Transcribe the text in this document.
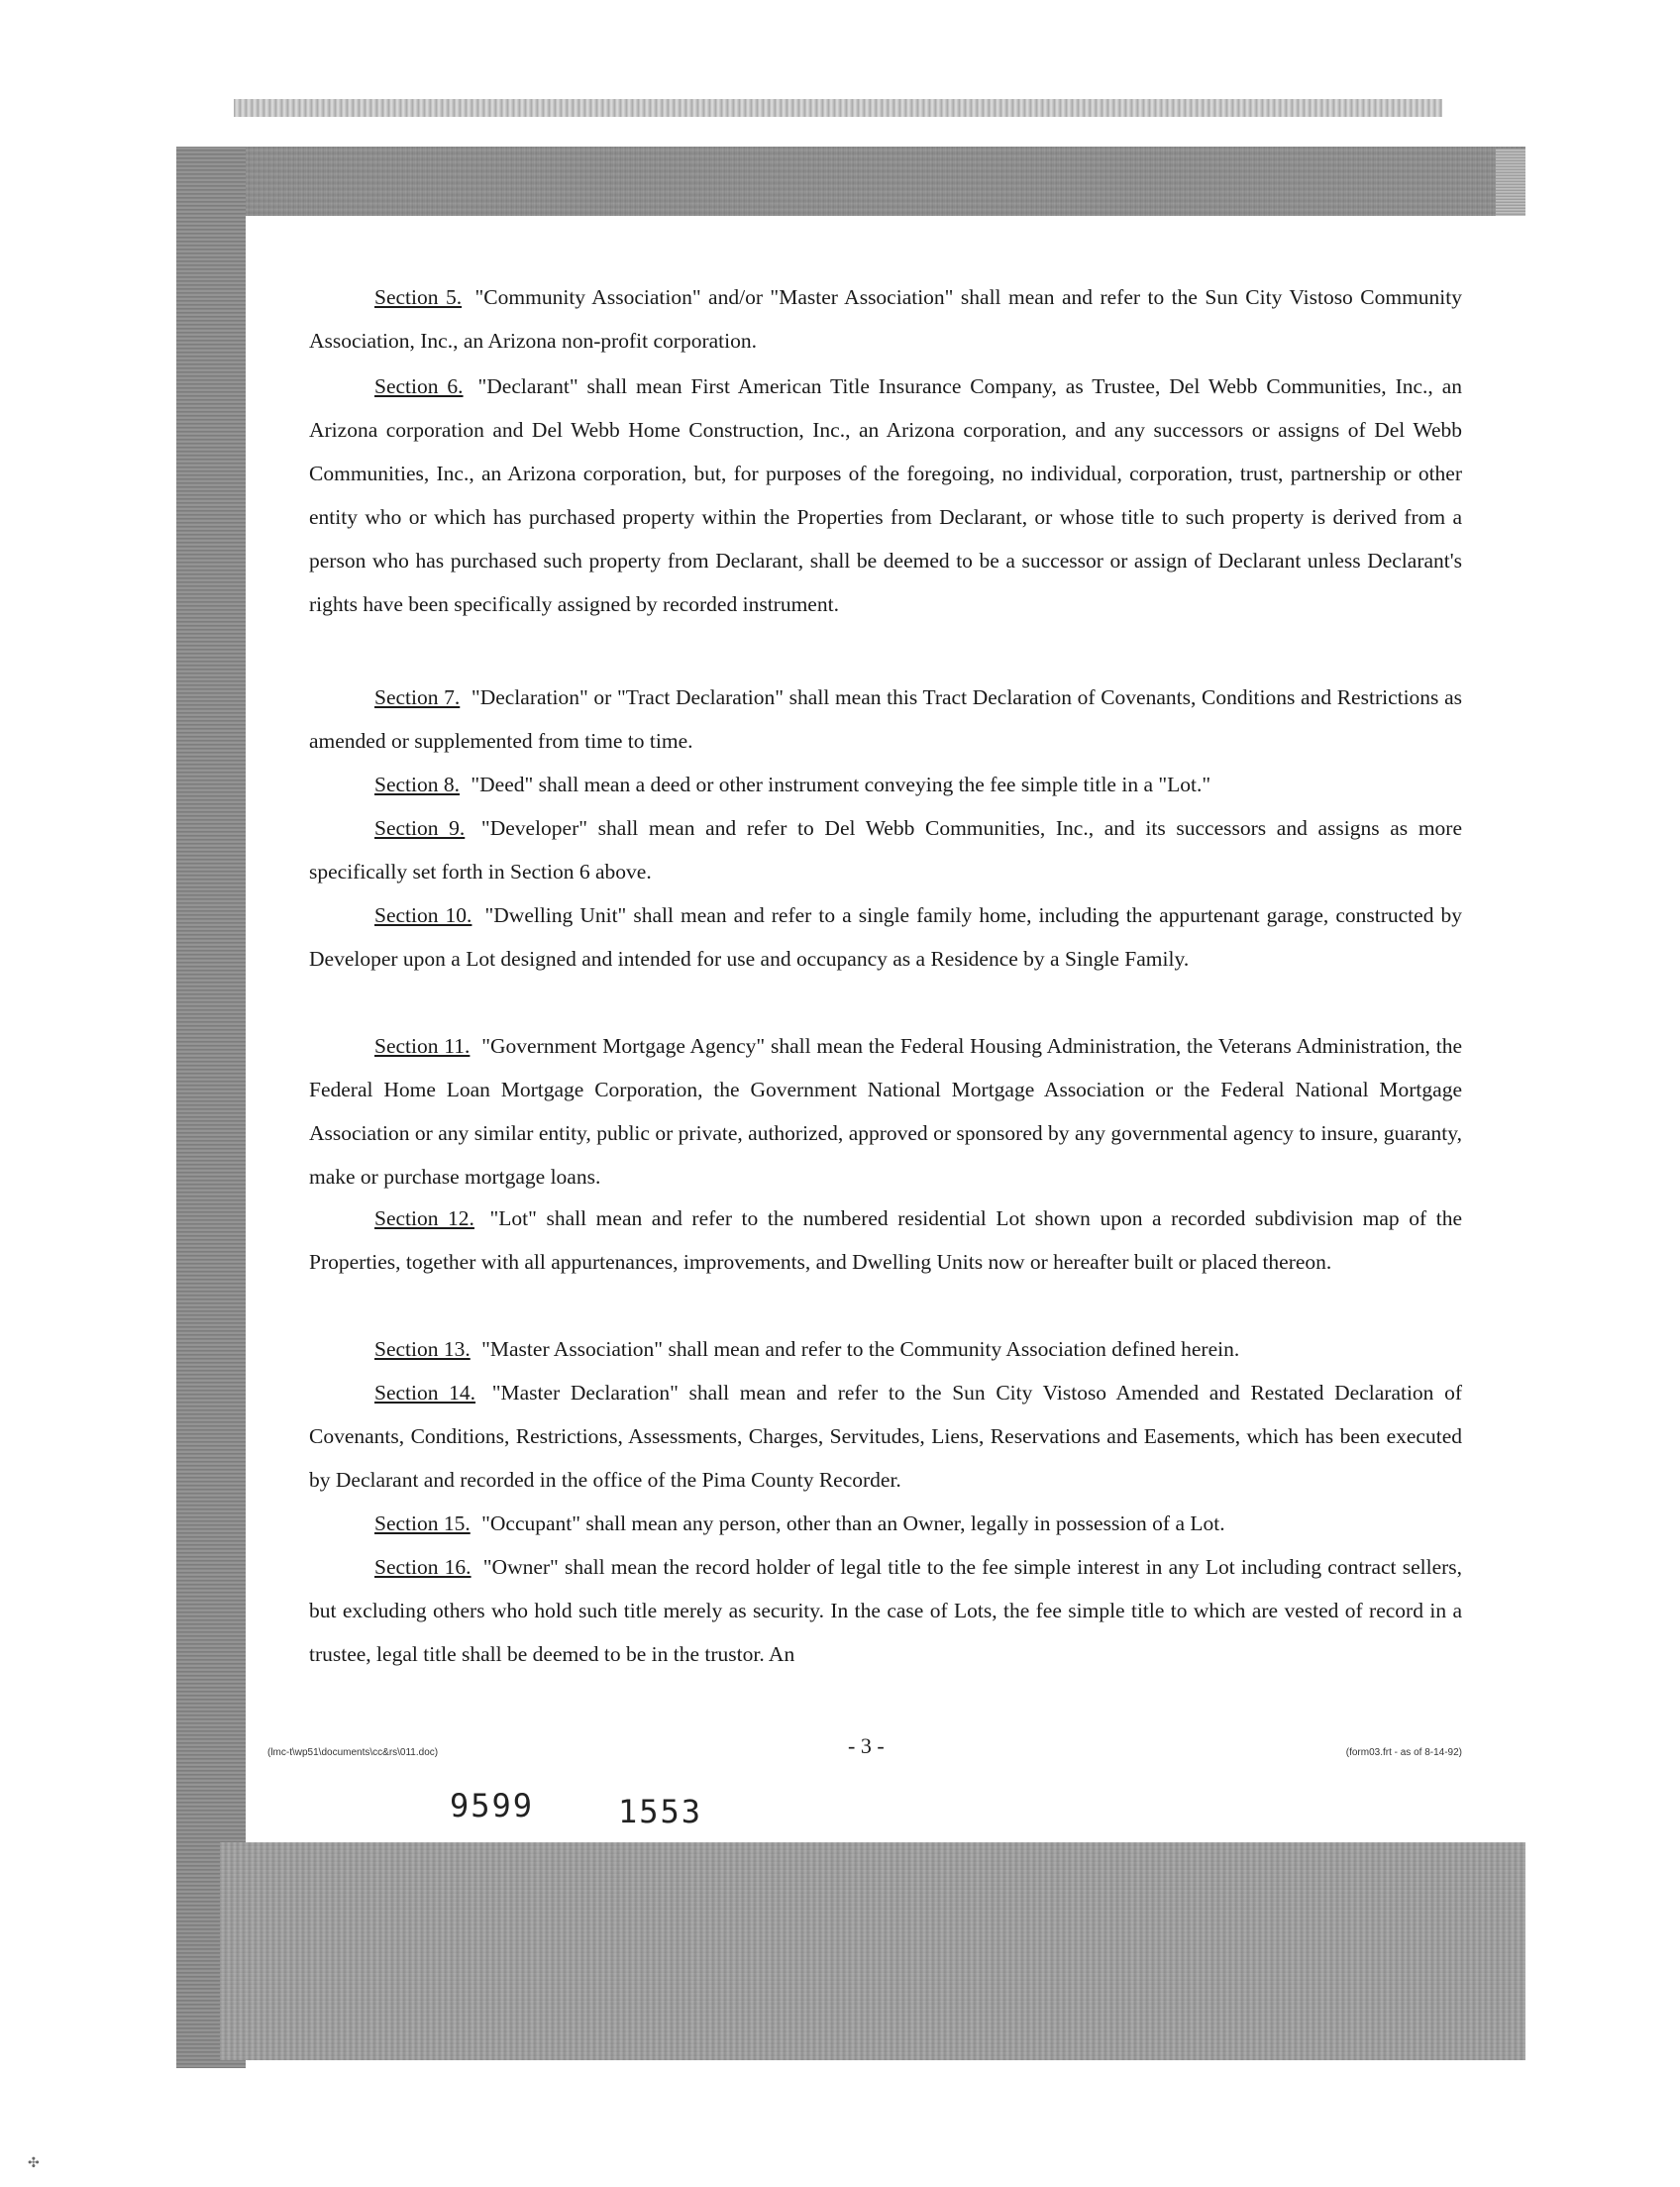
Section 5. "Community Association" and/or "Master Association" shall mean and refer to the Sun City Vistoso Community Association, Inc., an Arizona non-profit corporation.

Section 6. "Declarant" shall mean First American Title Insurance Company, as Trustee, Del Webb Communities, Inc., an Arizona corporation and Del Webb Home Construction, Inc., an Arizona corporation, and any successors or assigns of Del Webb Communities, Inc., an Arizona corporation, but, for purposes of the foregoing, no individual, corporation, trust, partnership or other entity who or which has purchased property within the Properties from Declarant, or whose title to such property is derived from a person who has purchased such property from Declarant, shall be deemed to be a successor or assign of Declarant unless Declarant's rights have been specifically assigned by recorded instrument.

Section 7. "Declaration" or "Tract Declaration" shall mean this Tract Declaration of Covenants, Conditions and Restrictions as amended or supplemented from time to time.

Section 8. "Deed" shall mean a deed or other instrument conveying the fee simple title in a "Lot."

Section 9. "Developer" shall mean and refer to Del Webb Communities, Inc., and its successors and assigns as more specifically set forth in Section 6 above.

Section 10. "Dwelling Unit" shall mean and refer to a single family home, including the appurtenant garage, constructed by Developer upon a Lot designed and intended for use and occupancy as a Residence by a Single Family.

Section 11. "Government Mortgage Agency" shall mean the Federal Housing Administration, the Veterans Administration, the Federal Home Loan Mortgage Corporation, the Government National Mortgage Association or the Federal National Mortgage Association or any similar entity, public or private, authorized, approved or sponsored by any governmental agency to insure, guaranty, make or purchase mortgage loans.

Section 12. "Lot" shall mean and refer to the numbered residential Lot shown upon a recorded subdivision map of the Properties, together with all appurtenances, improvements, and Dwelling Units now or hereafter built or placed thereon.

Section 13. "Master Association" shall mean and refer to the Community Association defined herein.

Section 14. "Master Declaration" shall mean and refer to the Sun City Vistoso Amended and Restated Declaration of Covenants, Conditions, Restrictions, Assessments, Charges, Servitudes, Liens, Reservations and Easements, which has been executed by Declarant and recorded in the office of the Pima County Recorder.

Section 15. "Occupant" shall mean any person, other than an Owner, legally in possession of a Lot.

Section 16. "Owner" shall mean the record holder of legal title to the fee simple interest in any Lot including contract sellers, but excluding others who hold such title merely as security. In the case of Lots, the fee simple title to which are vested of record in a trustee, legal title shall be deemed to be in the trustor. An

(lmc-t\wp51\documents\cc&rs\011.doc)	- 3 -	(form03.frt - as of 8-14-92)
9599	1553
✣
